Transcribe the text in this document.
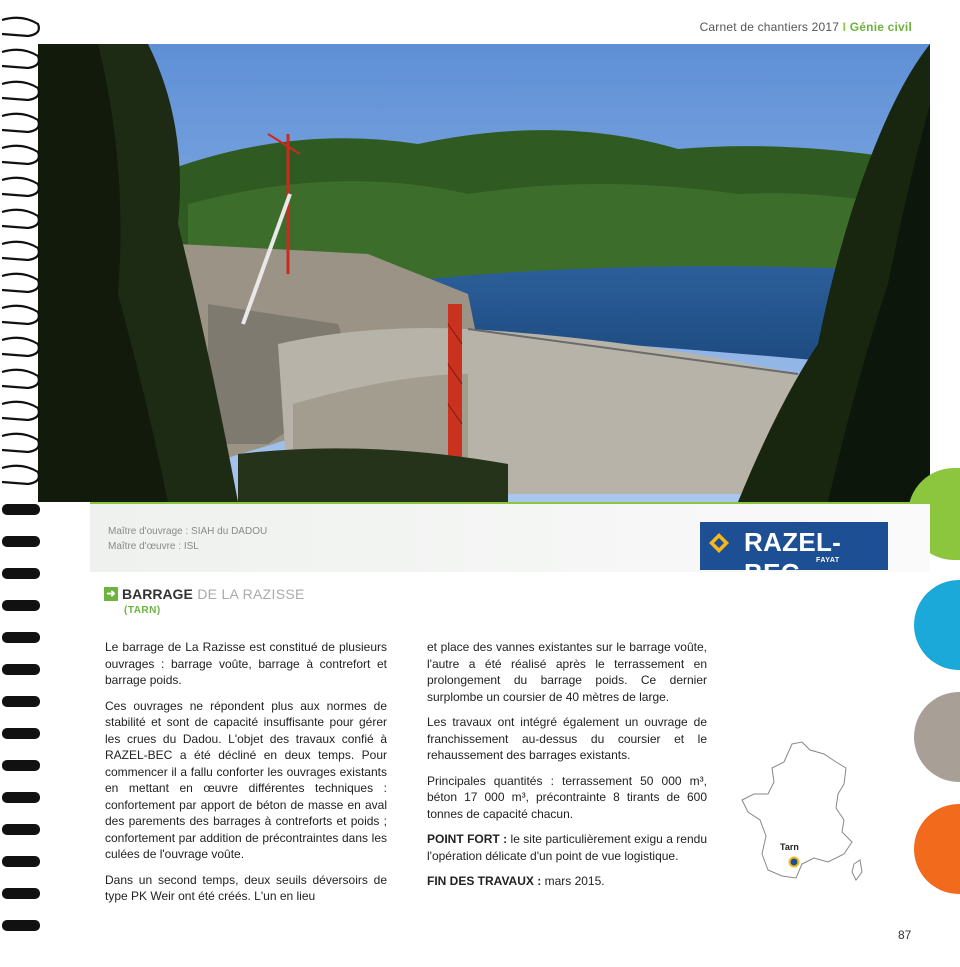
Carnet de chantiers 2017 I Génie civil
Maître d'ouvrage : SIAH du DADOU
Maître d'œuvre : ISL	RAZEL-BEC	FAYAT
➜ BARRAGE DE LA RAZISSE
(TARN)

Le barrage de La Razisse est constitué de plusieurs ouvrages : barrage voûte, barrage à contrefort et barrage poids.

Ces ouvrages ne répondent plus aux normes de stabilité et sont de capacité insuffisante pour gérer les crues du Dadou. L'objet des travaux confié à RAZEL-BEC a été décliné en deux temps. Pour commencer il a fallu conforter les ouvrages existants en mettant en œuvre différentes techniques : confortement par apport de béton de masse en aval des parements des barrages à contreforts et poids ; confortement par addition de précontraintes dans les culées de l'ouvrage voûte.

Dans un second temps, deux seuils déversoirs de type PK Weir ont été créés. L'un en lieu

et place des vannes existantes sur le barrage voûte, l'autre a été réalisé après le terrassement en prolongement du barrage poids. Ce dernier surplombe un coursier de 40 mètres de large.

Les travaux ont intégré également un ouvrage de franchissement au-dessus du coursier et le rehaussement des barrages existants.

Principales quantités : terrassement 50 000 m³, béton 17 000 m³, précontrainte 8 tirants de 600 tonnes de capacité chacun.

POINT FORT : le site particulièrement exigu a rendu l'opération délicate d'un point de vue logistique.

FIN DES TRAVAUX : mars 2015.

Tarn
87
